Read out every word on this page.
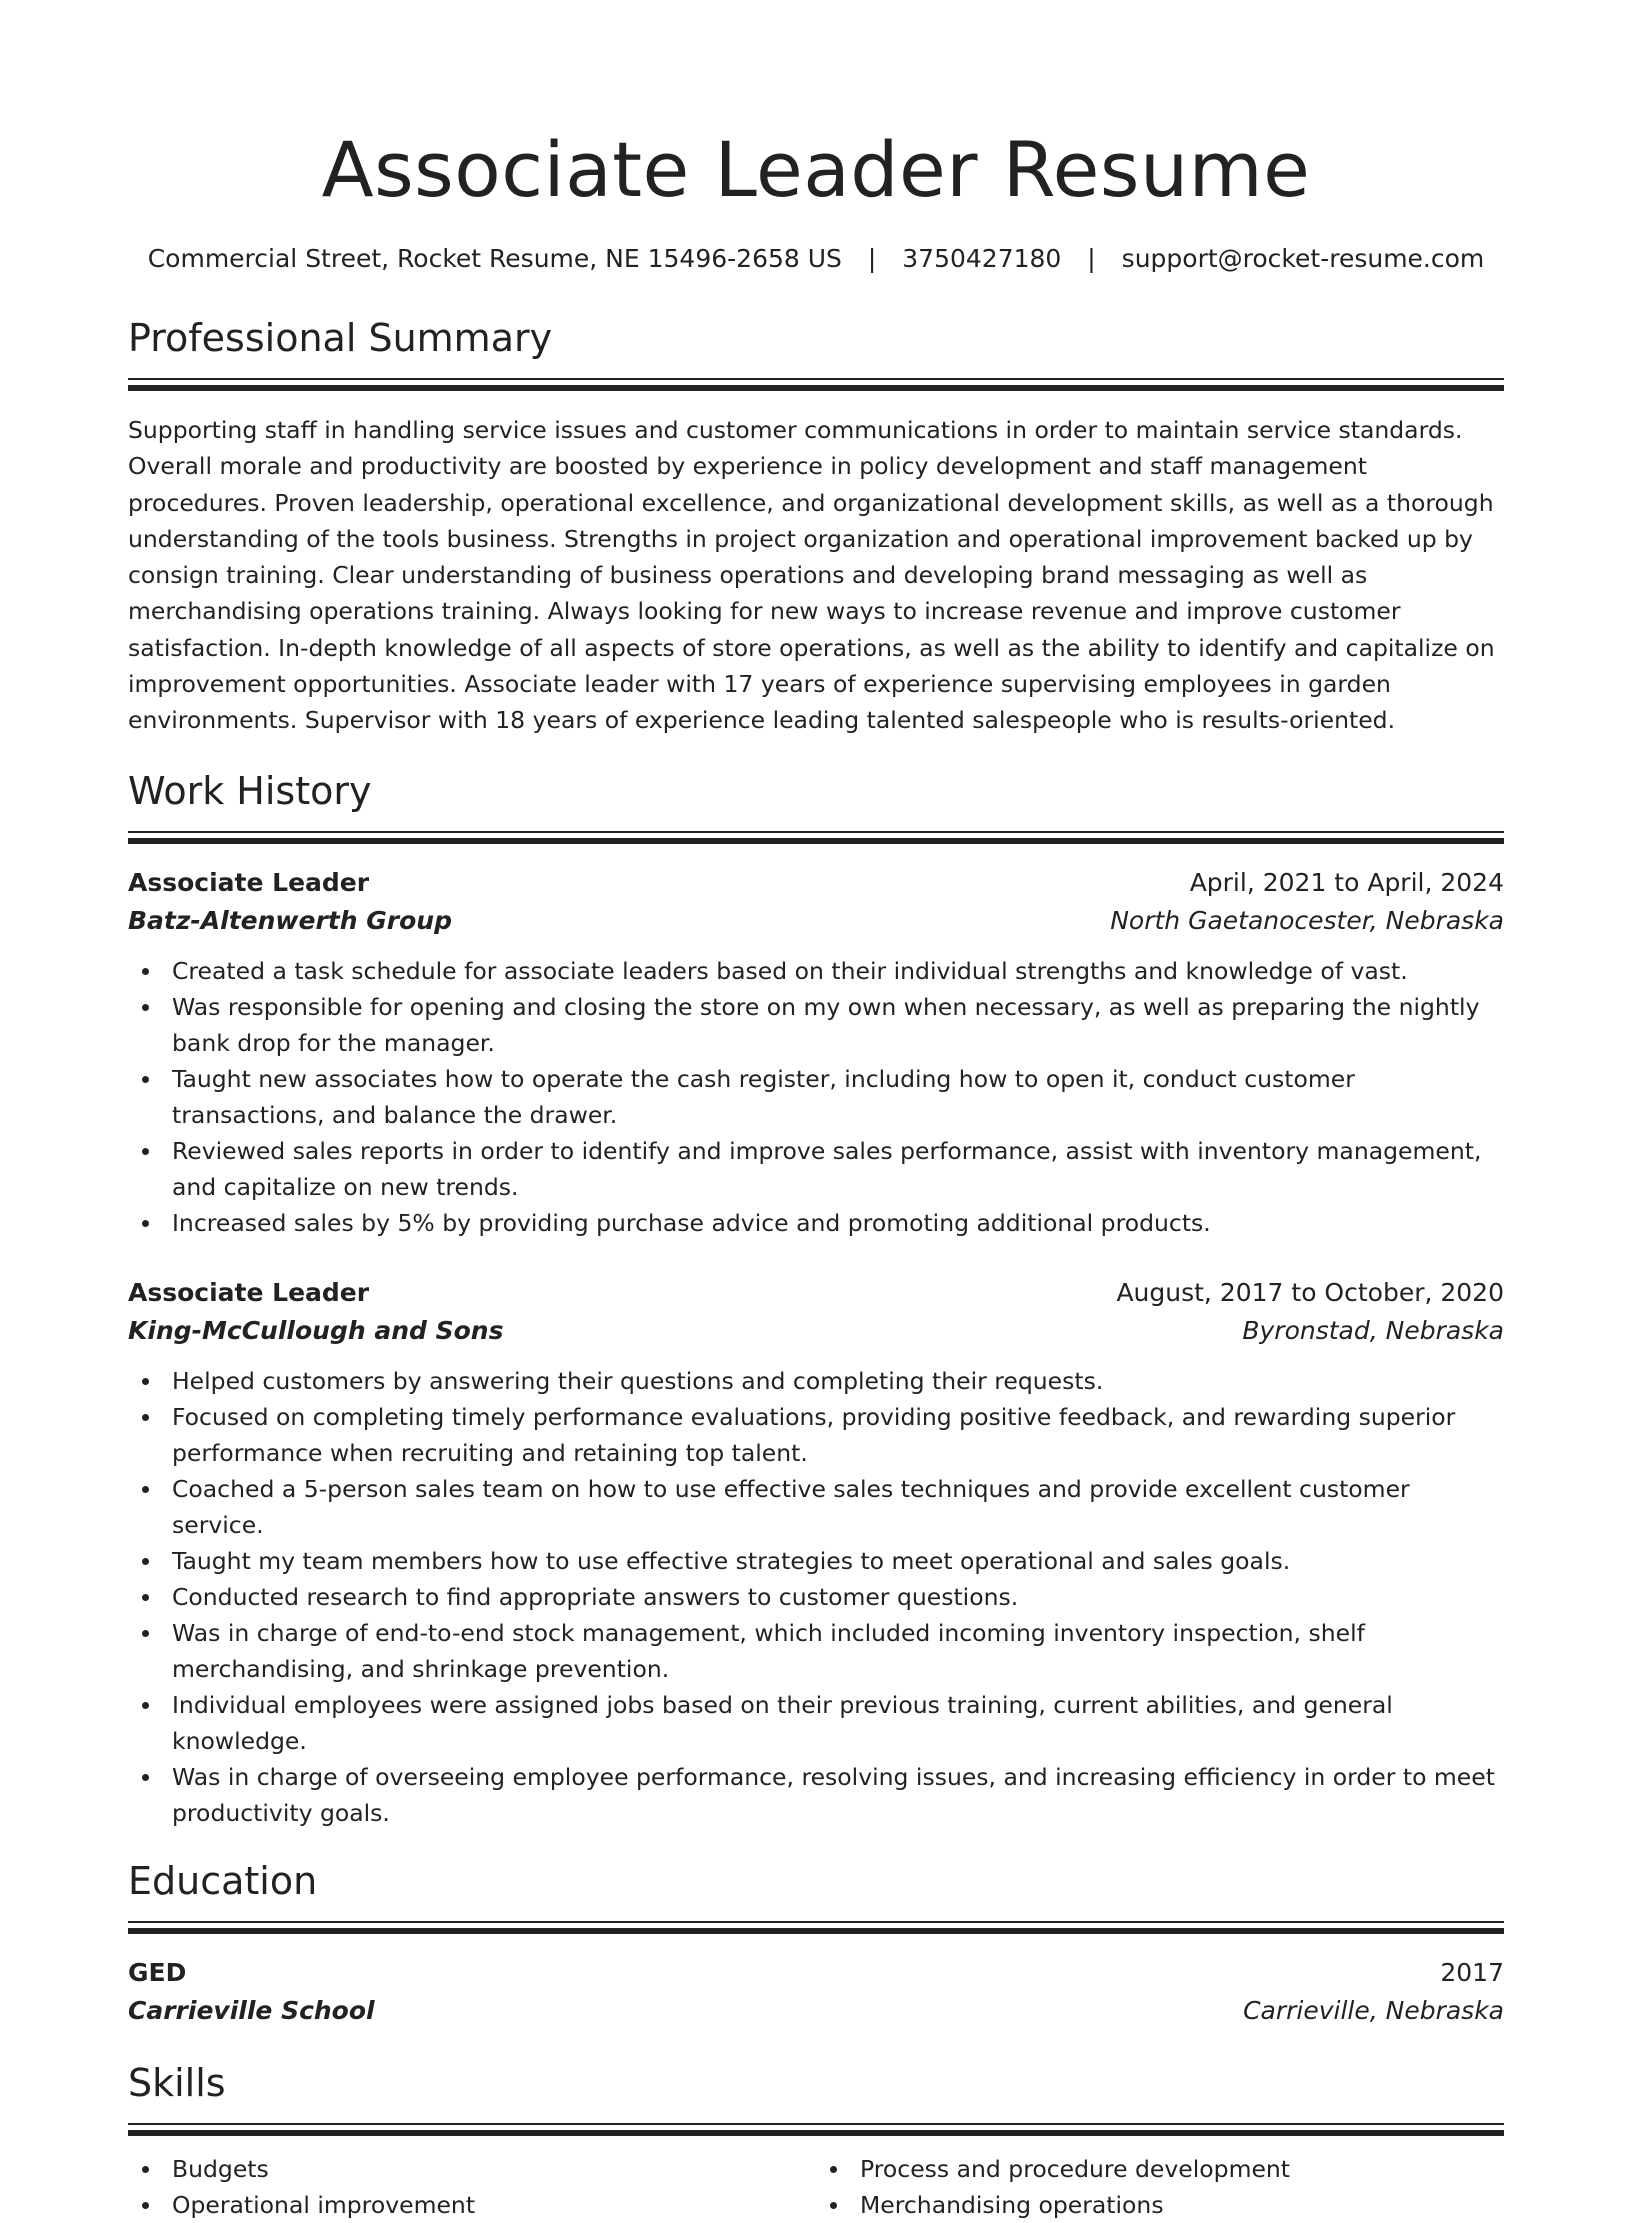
Associate Leader Resume
Commercial Street, Rocket Resume, NE 15496-2658 US | 3750427180 | support@rocket-resume.com
Professional Summary

Supporting staff in handling service issues and customer communications in order to maintain service standards. Overall morale and productivity are boosted by experience in policy development and staff management procedures. Proven leadership, operational excellence, and organizational development skills, as well as a thorough understanding of the tools business. Strengths in project organization and operational improvement backed up by consign training. Clear understanding of business operations and developing brand messaging as well as merchandising operations training. Always looking for new ways to increase revenue and improve customer satisfaction. In-depth knowledge of all aspects of store operations, as well as the ability to identify and capitalize on improvement opportunities. Associate leader with 17 years of experience supervising employees in garden environments. Supervisor with 18 years of experience leading talented salespeople who is results-oriented.

Work History
Associate Leader	April, 2021 to April, 2024
Batz-Altenwerth Group	North Gaetanocester, Nebraska
Created a task schedule for associate leaders based on their individual strengths and knowledge of vast.
Was responsible for opening and closing the store on my own when necessary, as well as preparing the nightly bank drop for the manager.
Taught new associates how to operate the cash register, including how to open it, conduct customer transactions, and balance the drawer.
Reviewed sales reports in order to identify and improve sales performance, assist with inventory management, and capitalize on new trends.
Increased sales by 5% by providing purchase advice and promoting additional products.
Associate Leader	August, 2017 to October, 2020
King-McCullough and Sons	Byronstad, Nebraska
Helped customers by answering their questions and completing their requests.
Focused on completing timely performance evaluations, providing positive feedback, and rewarding superior performance when recruiting and retaining top talent.
Coached a 5-person sales team on how to use effective sales techniques and provide excellent customer service.
Taught my team members how to use effective strategies to meet operational and sales goals.
Conducted research to find appropriate answers to customer questions.
Was in charge of end-to-end stock management, which included incoming inventory inspection, shelf merchandising, and shrinkage prevention.
Individual employees were assigned jobs based on their previous training, current abilities, and general knowledge.
Was in charge of overseeing employee performance, resolving issues, and increasing efficiency in order to meet productivity goals.
Education
GED	2017
Carrieville School	Carrieville, Nebraska
Skills
Budgets
Operational improvement
Process and procedure development
Merchandising operations
